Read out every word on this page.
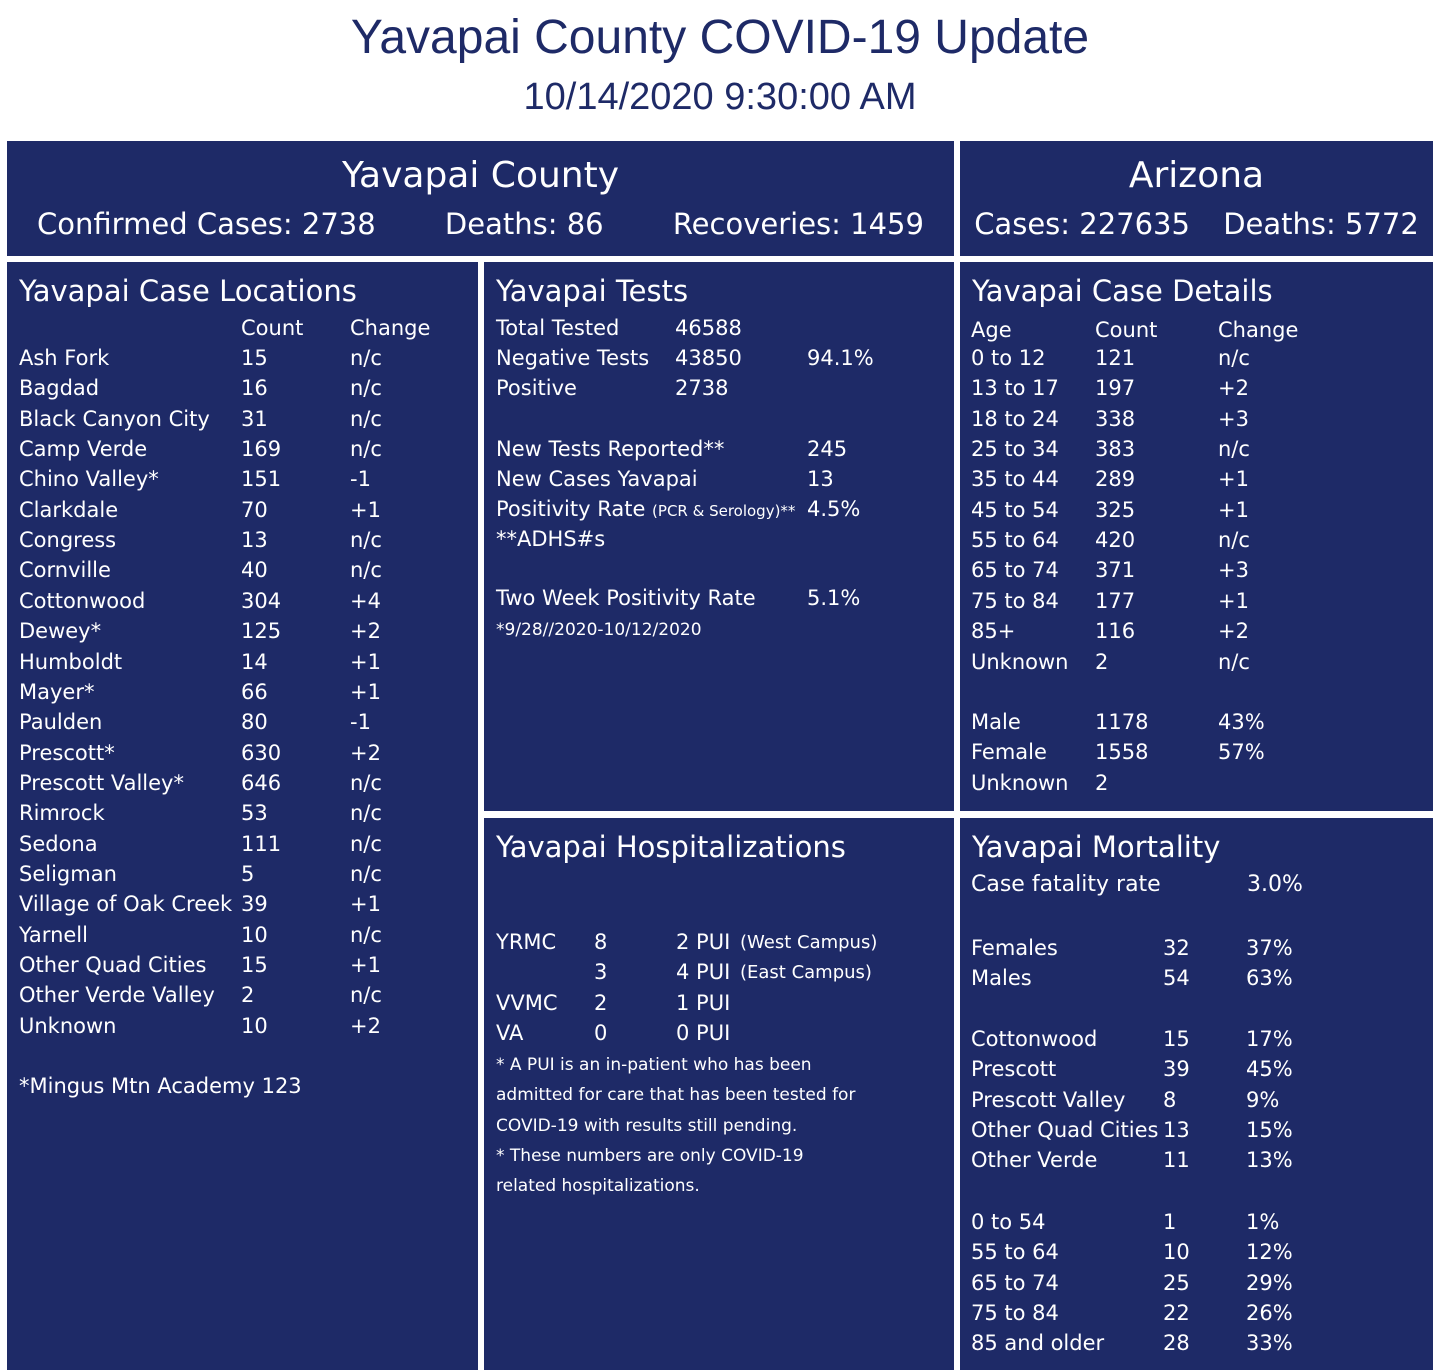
Yavapai County COVID-19 Update
10/14/2020 9:30:00 AM
Yavapai County
Confirmed Cases: 2738 Deaths: 86 Recoveries: 1459
Arizona
Cases: 227635 Deaths: 5772
Yavapai Case Locations
Count Change
*Mingus Mtn Academy 123
Ash Fork	15	n/c
Bagdad	16	n/c
Black Canyon City 31	n/c
Camp Verde	169	n/c
Chino Valley*	151	-1
Clarkdale	70	+1
Congress	13	n/c
Cornville	40	n/c
Cottonwood	304	+4
Dewey*	125	+2
Humboldt	14	+1
Mayer*	66	+1
Paulden	80	-1
Prescott*	630	+2
Prescott Valley*	646	n/c
Rimrock	53	n/c
Sedona	111	n/c
Seligman	5	n/c
Village of Oak Creek 39	+1
Yarnell	10	n/c
Other Quad Cities 15	+1
Other Verde Valley 2	n/c
Unknown	10	+2
Yavapai Tests
Total Tested	46588
Negative Tests 43850	94.1%
Positive	2738
New Tests Reported**	245
New Cases Yavapai	13
Positivity Rate (PCR & Serology)** 4.5%
**ADHS#s
Two Week Positivity Rate 5.1%
*9/28//2020-10/12/2020
Yavapai Case Details
Age	Count	Change
0 to 12 121	n/c
13 to 17 197	+2
18 to 24 338	+3
25 to 34 383	n/c
35 to 44 289	+1
45 to 54 325	+1
55 to 64 420	n/c
65 to 74 371	+3
75 to 84 177	+1
85+	116	+2
Unknown 2	n/c
Male	1178	43%
Female 1558	57%
Unknown 2
Yavapai Hospitalizations
YRMC 8	2 PUI (West Campus)
3	4 PUI (East Campus)
VVMC 2	1 PUI
VA	0	0 PUI
* A PUI is an in-patient who has been
admitted for care that has been tested for
COVID-19 with results still pending.
* These numbers are only COVID-19
related hospitalizations.
Yavapai Mortality
Case fatality rate	3.0%
Females	32	37%
Males	54	63%
Cottonwood	15	17%
Prescott	39	45%
Prescott Valley 8	9%
Other Quad Cities 13	15%
Other Verde	11	13%
0 to 54	1	1%
55 to 64	10	12%
65 to 74	25	29%
75 to 84	22	26%
85 and older	28	33%
